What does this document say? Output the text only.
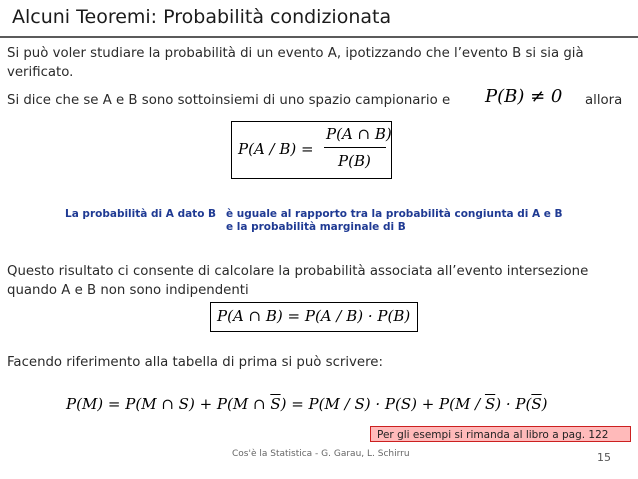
Alcuni Teoremi: Probabilità condizionata
Si può voler studiare la probabilità di un evento A, ipotizzando che l’evento B si sia già verificato.
Si dice che se A e B sono sottoinsiemi di uno spazio campionario e P(B) ≠ 0 allora
P(A / B) =
P(A ∩ B)
P(B)
La probabilità di A dato B è uguale al rapporto tra la probabilità congiunta di A e B
e la probabilità marginale di B
Questo risultato ci consente di calcolare la probabilità associata all’evento intersezione quando A e B non sono indipendenti
P(A ∩ B) = P(A / B) · P(B)
Facendo riferimento alla tabella di prima si può scrivere:
P(M) = P(M ∩ S) + P(M ∩ $\overline{S}) = P(M / S) \cdot P(S) + P(M / \overline{S}) \cdot P(\overline{S})$
Per gli esempi si rimanda al libro a pag. 122
Cos'è la Statistica - G. Garau, L. Schirru	15
